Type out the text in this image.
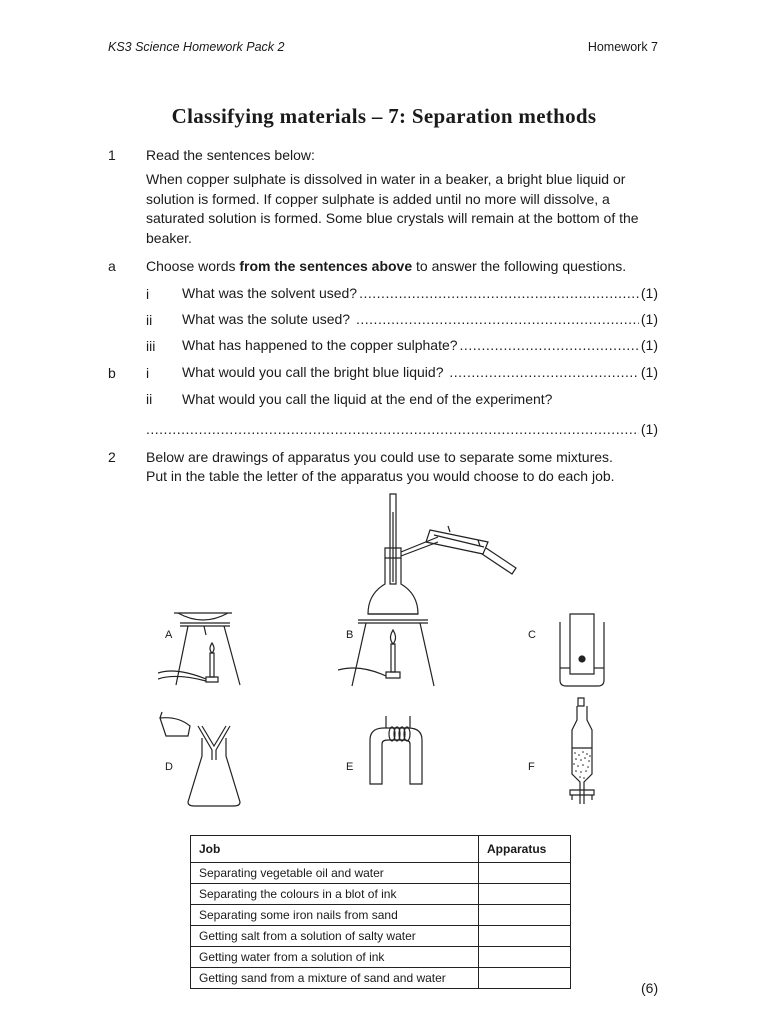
KS3 Science Homework Pack 2	Homework 7
Classifying materials – 7: Separation methods
1 Read the sentences below:
When copper sulphate is dissolved in water in a beaker, a bright blue liquid or solution is formed. If copper sulphate is added until no more will dissolve, a saturated solution is formed. Some blue crystals will remain at the bottom of the beaker.
a Choose words from the sentences above to answer the following questions.
i What was the solvent used? .....	(1)
ii What was the solute used? .....	(1)
iii What has happened to the copper sulphate? .....	(1)
b i What would you call the bright blue liquid? .....	(1)
ii What would you call the liquid at the end of the experiment?
.....
(1)
2 Below are drawings of apparatus you could use to separate some mixtures.
Put in the table the letter of the apparatus you would choose to do each job.
A	B	C
D	E	F
Job	Apparatus
Separating vegetable oil and water	
Separating the colours in a blot of ink	
Separating some iron nails from sand	
Getting salt from a solution of salty water	
Getting water from a solution of ink	
Getting sand from a mixture of sand and water	
(6)
